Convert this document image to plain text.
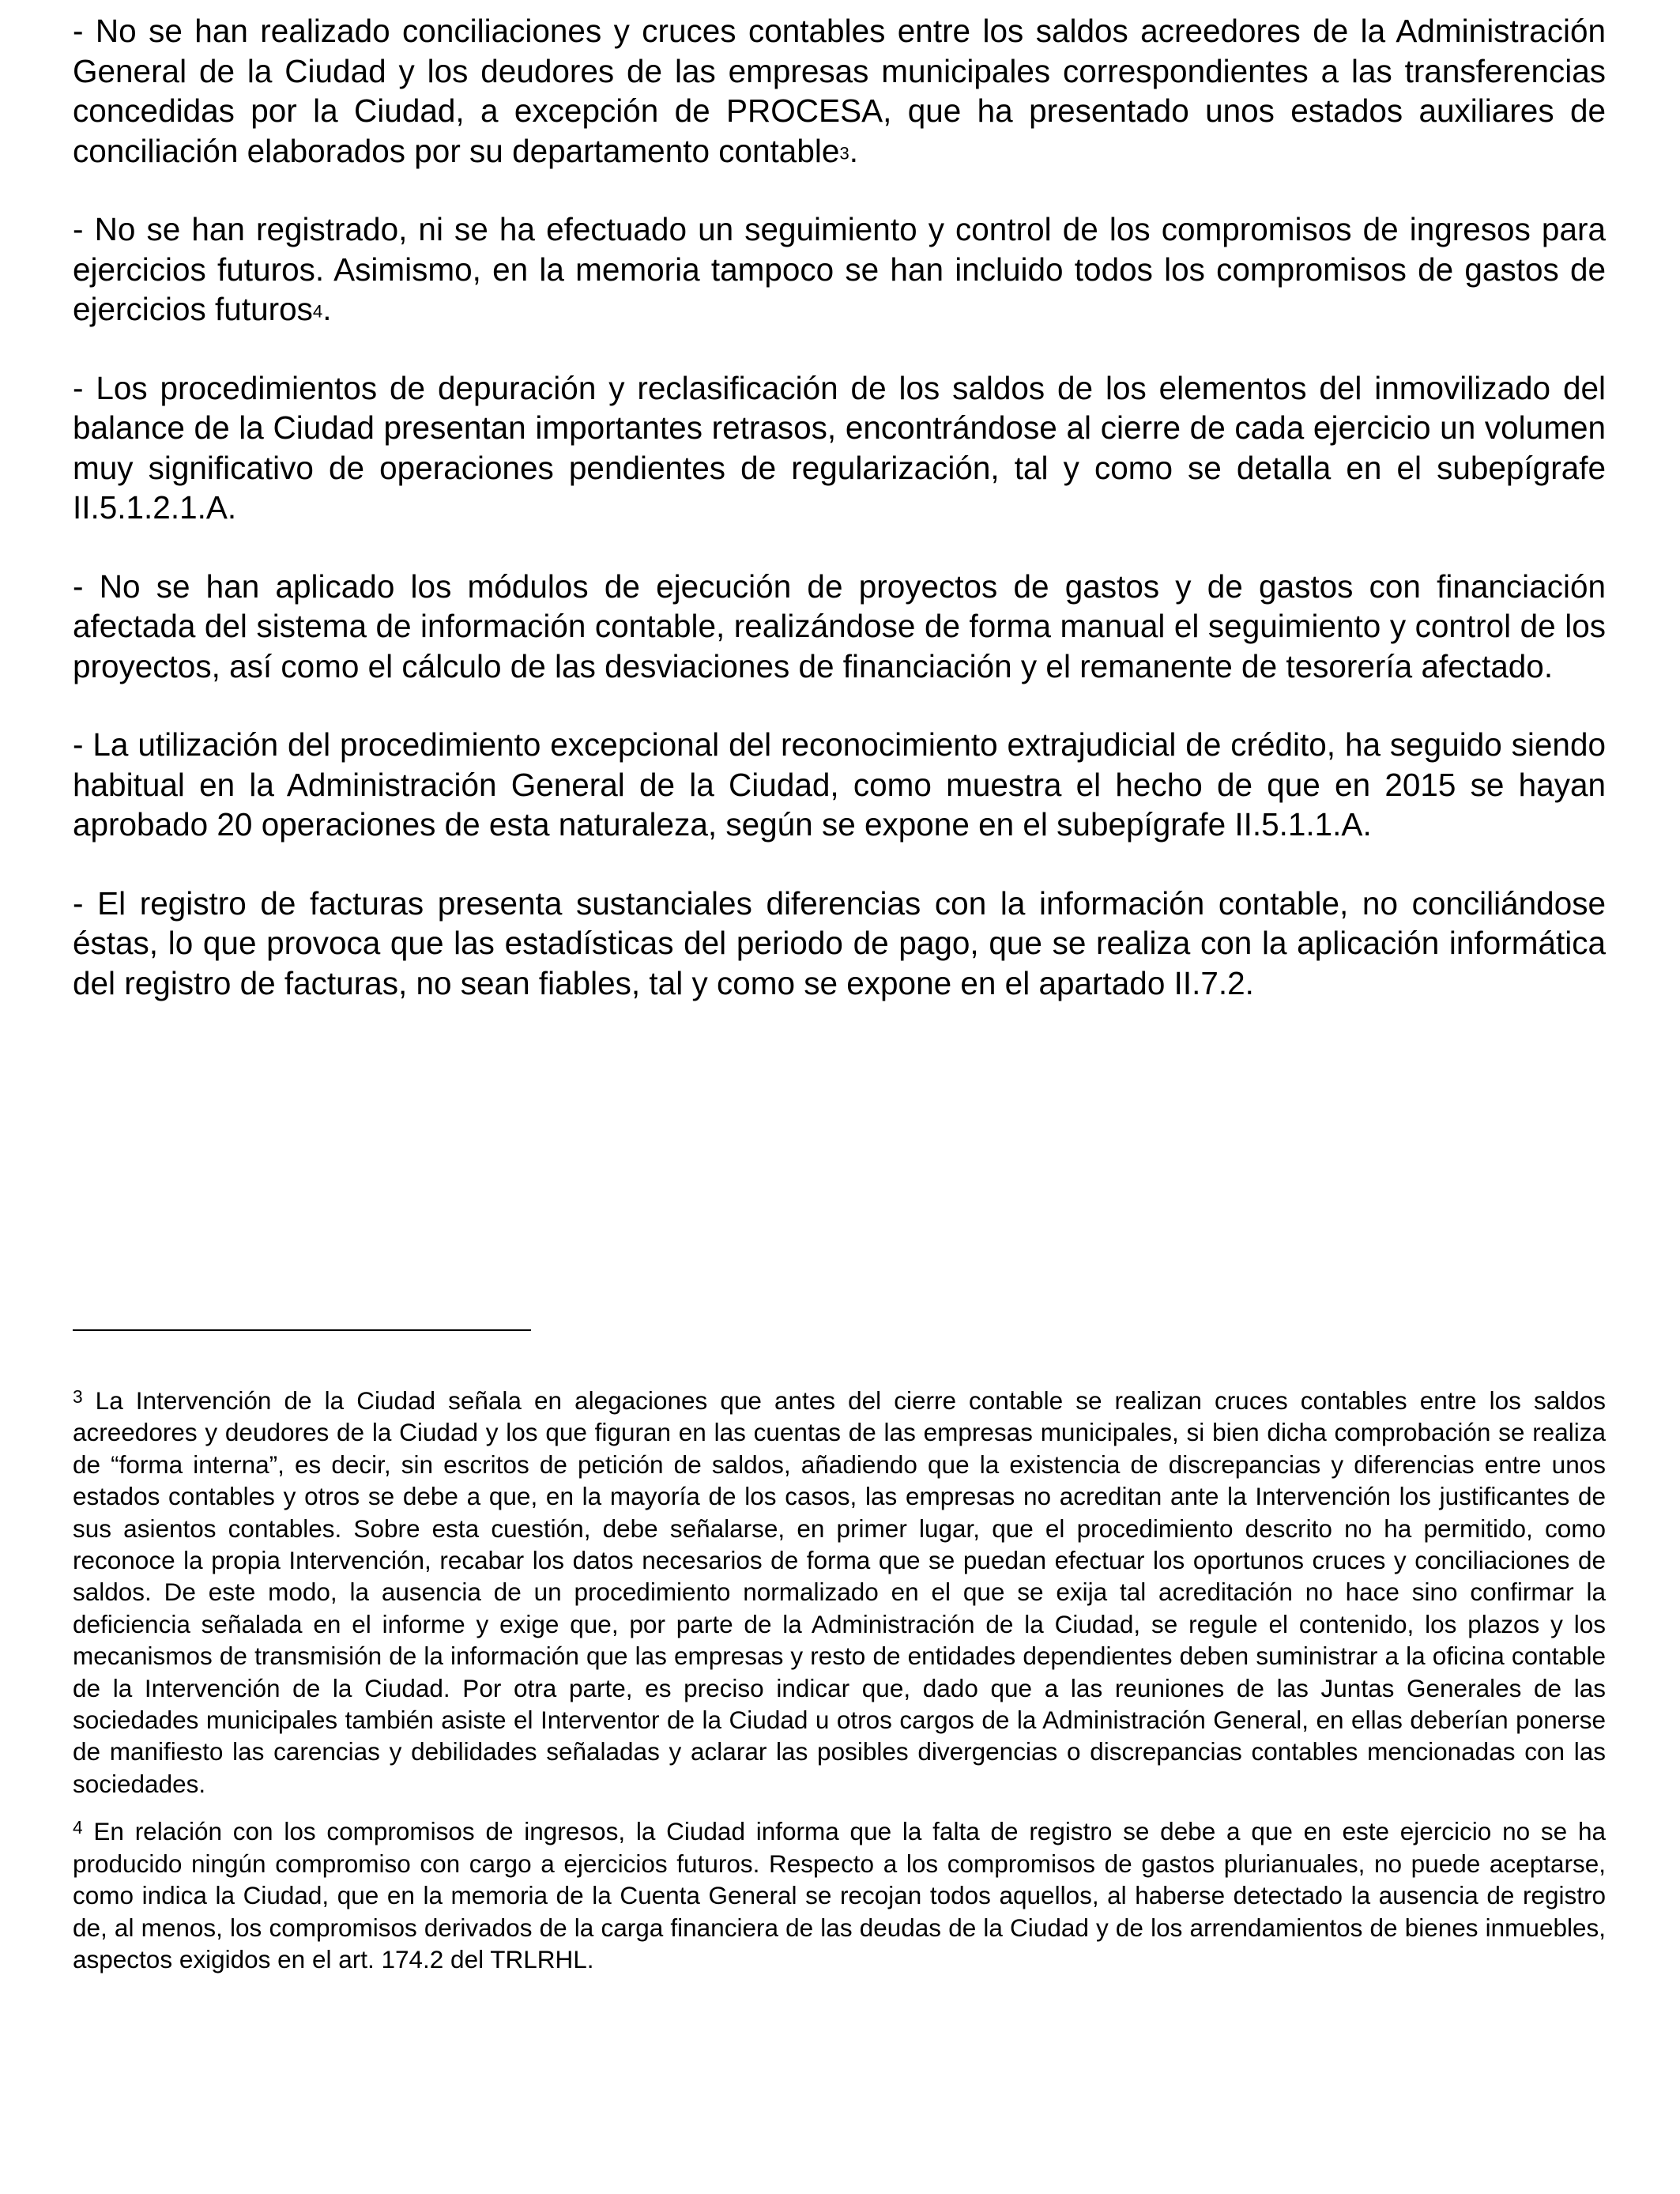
- No se han realizado conciliaciones y cruces contables entre los saldos acreedores de la Administración General de la Ciudad y los deudores de las empresas municipales correspondientes a las transferencias concedidas por la Ciudad, a excepción de PROCESA, que ha presentado unos estados auxiliares de conciliación elaborados por su departamento contable$^3$.

- No se han registrado, ni se ha efectuado un seguimiento y control de los compromisos de ingresos para ejercicios futuros. Asimismo, en la memoria tampoco se han incluido todos los compromisos de gastos de ejercicios futuros$^4$.

- Los procedimientos de depuración y reclasificación de los saldos de los elementos del inmovilizado del balance de la Ciudad presentan importantes retrasos, encontrándose al cierre de cada ejercicio un volumen muy significativo de operaciones pendientes de regularización, tal y como se detalla en el subepígrafe II.5.1.2.1.A.

- No se han aplicado los módulos de ejecución de proyectos de gastos y de gastos con financiación afectada del sistema de información contable, realizándose de forma manual el seguimiento y control de los proyectos, así como el cálculo de las desviaciones de financiación y el remanente de tesorería afectado.

- La utilización del procedimiento excepcional del reconocimiento extrajudicial de crédito, ha seguido siendo habitual en la Administración General de la Ciudad, como muestra el hecho de que en 2015 se hayan aprobado 20 operaciones de esta naturaleza, según se expone en el subepígrafe II.5.1.1.A.

- El registro de facturas presenta sustanciales diferencias con la información contable, no conciliándose éstas, lo que provoca que las estadísticas del periodo de pago, que se realiza con la aplicación informática del registro de facturas, no sean fiables, tal y como se expone en el apartado II.7.2.

$^3$ La Intervención de la Ciudad señala en alegaciones que antes del cierre contable se realizan cruces contables entre los saldos acreedores y deudores de la Ciudad y los que figuran en las cuentas de las empresas municipales, si bien dicha comprobación se realiza de “forma interna”, es decir, sin escritos de petición de saldos, añadiendo que la existencia de discrepancias y diferencias entre unos estados contables y otros se debe a que, en la mayoría de los casos, las empresas no acreditan ante la Intervención los justificantes de sus asientos contables. Sobre esta cuestión, debe señalarse, en primer lugar, que el procedimiento descrito no ha permitido, como reconoce la propia Intervención, recabar los datos necesarios de forma que se puedan efectuar los oportunos cruces y conciliaciones de saldos. De este modo, la ausencia de un procedimiento normalizado en el que se exija tal acreditación no hace sino confirmar la deficiencia señalada en el informe y exige que, por parte de la Administración de la Ciudad, se regule el contenido, los plazos y los mecanismos de transmisión de la información que las empresas y resto de entidades dependientes deben suministrar a la oficina contable de la Intervención de la Ciudad. Por otra parte, es preciso indicar que, dado que a las reuniones de las Juntas Generales de las sociedades municipales también asiste el Interventor de la Ciudad u otros cargos de la Administración General, en ellas deberían ponerse de manifiesto las carencias y debilidades señaladas y aclarar las posibles divergencias o discrepancias contables mencionadas con las sociedades.

$^4$ En relación con los compromisos de ingresos, la Ciudad informa que la falta de registro se debe a que en este ejercicio no se ha producido ningún compromiso con cargo a ejercicios futuros. Respecto a los compromisos de gastos plurianuales, no puede aceptarse, como indica la Ciudad, que en la memoria de la Cuenta General se recojan todos aquellos, al haberse detectado la ausencia de registro de, al menos, los compromisos derivados de la carga financiera de las deudas de la Ciudad y de los arrendamientos de bienes inmuebles, aspectos exigidos en el art. 174.2 del TRLRHL.
